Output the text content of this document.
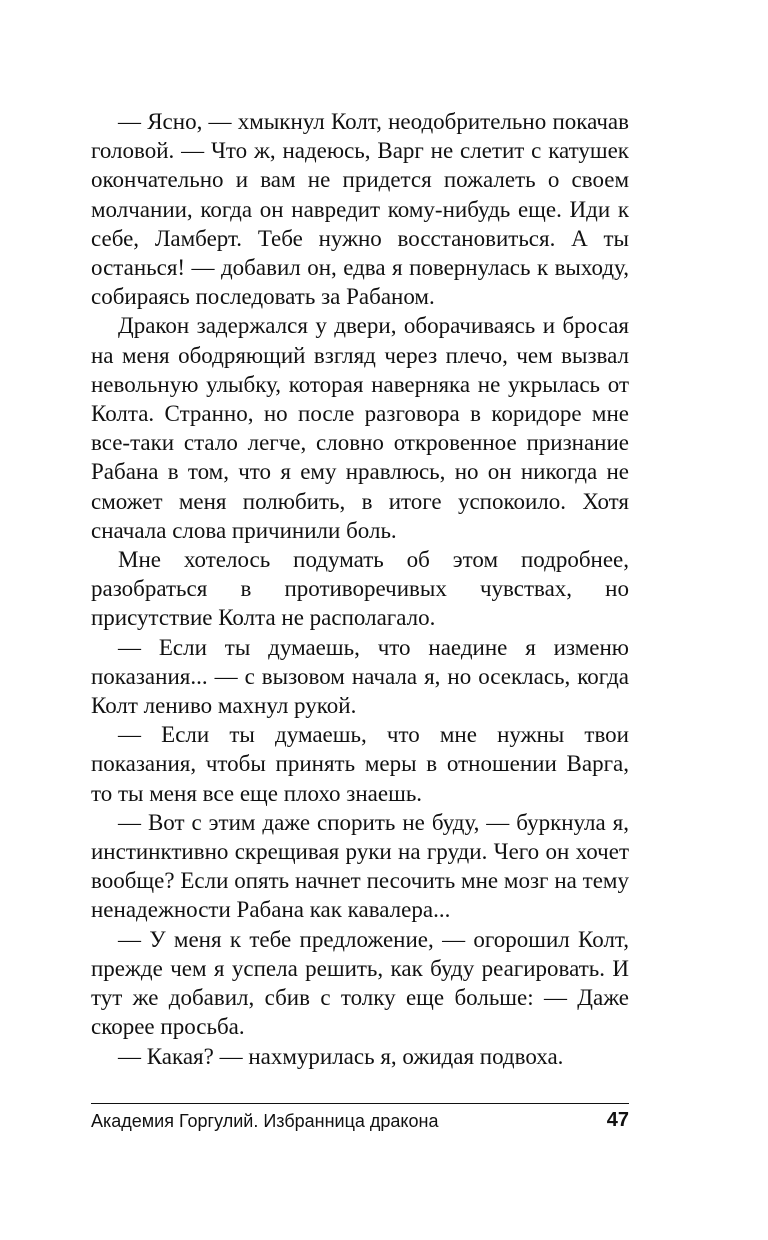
— Ясно, — хмыкнул Колт, неодобрительно покачав головой. — Что ж, надеюсь, Варг не слетит с катушек окончательно и вам не придется пожалеть о своем молчании, когда он навредит кому-нибудь еще. Иди к себе, Ламберт. Тебе нужно восстановиться. А ты останься! — добавил он, едва я повернулась к выходу, собираясь последовать за Рабаном.

Дракон задержался у двери, оборачиваясь и бросая на меня ободряющий взгляд через плечо, чем вызвал невольную улыбку, которая наверняка не укрылась от Колта. Странно, но после разговора в коридоре мне все-таки стало легче, словно откровенное признание Рабана в том, что я ему нравлюсь, но он никогда не сможет меня полюбить, в итоге успокоило. Хотя сначала слова причинили боль.

Мне хотелось подумать об этом подробнее, разобраться в противоречивых чувствах, но присутствие Колта не располагало.

— Если ты думаешь, что наедине я изменю показания... — с вызовом начала я, но осеклась, когда Колт лениво махнул рукой.

— Если ты думаешь, что мне нужны твои показания, чтобы принять меры в отношении Варга, то ты меня все еще плохо знаешь.

— Вот с этим даже спорить не буду, — буркнула я, инстинктивно скрещивая руки на груди. Чего он хочет вообще? Если опять начнет песочить мне мозг на тему ненадежности Рабана как кавалера...

— У меня к тебе предложение, — огорошил Колт, прежде чем я успела решить, как буду реагировать. И тут же добавил, сбив с толку еще больше: — Даже скорее просьба.

— Какая? — нахмурилась я, ожидая подвоха.

Академия Горгулий. Избранница дракона	47
